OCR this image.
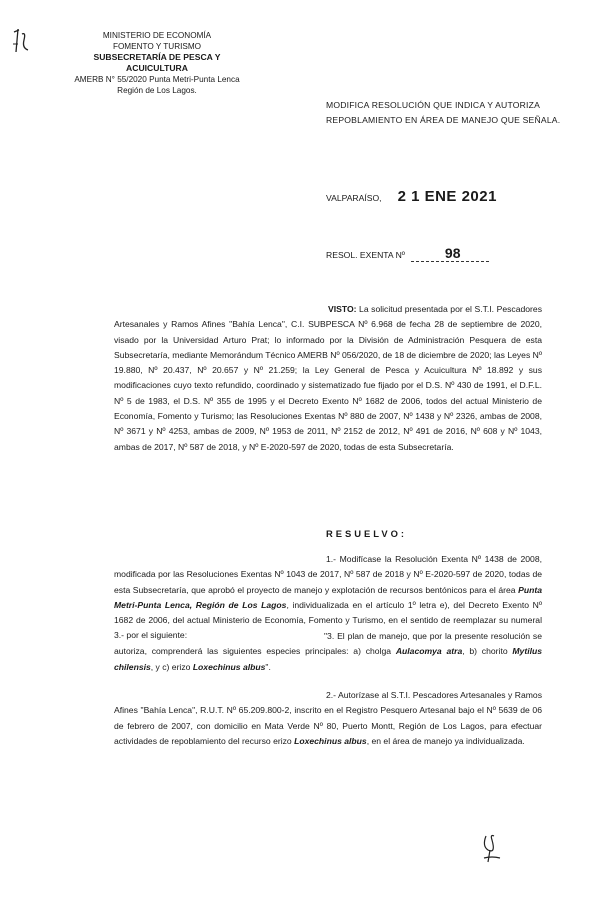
MINISTERIO DE ECONOMÍA
FOMENTO Y TURISMO
SUBSECRETARÍA DE PESCA Y ACUICULTURA
AMERB N° 55/2020 Punta Metri-Punta Lenca
Región de Los Lagos.
MODIFICA RESOLUCIÓN QUE INDICA Y AUTORIZA REPOBLAMIENTO EN ÁREA DE MANEJO QUE SEÑALA.
VALPARAÍSO, 2 1 ENE 2021
RESOL. EXENTA Nº	98
VISTO: La solicitud presentada por el S.T.I. Pescadores Artesanales y Ramos Afines "Bahía Lenca", C.I. SUBPESCA Nº 6.968 de fecha 28 de septiembre de 2020, visado por la Universidad Arturo Prat; lo informado por la División de Administración Pesquera de esta Subsecretaría, mediante Memorándum Técnico AMERB Nº 056/2020, de 18 de diciembre de 2020; las Leyes Nº 19.880, Nº 20.437, Nº 20.657 y Nº 21.259; la Ley General de Pesca y Acuicultura Nº 18.892 y sus modificaciones cuyo texto refundido, coordinado y sistematizado fue fijado por el D.S. Nº 430 de 1991, el D.F.L. Nº 5 de 1983, el D.S. Nº 355 de 1995 y el Decreto Exento Nº 1682 de 2006, todos del actual Ministerio de Economía, Fomento y Turismo; las Resoluciones Exentas Nº 880 de 2007, Nº 1438 y Nº 2326, ambas de 2008, Nº 3671 y Nº 4253, ambas de 2009, Nº 1953 de 2011, Nº 2152 de 2012, Nº 491 de 2016, Nº 608 y Nº 1043, ambas de 2017, Nº 587 de 2018, y Nº E-2020-597 de 2020, todas de esta Subsecretaría.
RESUELVO:
1.- Modifícase la Resolución Exenta Nº 1438 de 2008, modificada por las Resoluciones Exentas Nº 1043 de 2017, Nº 587 de 2018 y Nº E-2020-597 de 2020, todas de esta Subsecretaría, que aprobó el proyecto de manejo y explotación de recursos bentónicos para el área Punta Metri-Punta Lenca, Región de Los Lagos, individualizada en el artículo 1º letra e), del Decreto Exento Nº 1682 de 2006, del actual Ministerio de Economía, Fomento y Turismo, en el sentido de reemplazar su numeral 3.- por el siguiente:	"3. El plan de manejo, que por la presente resolución se autoriza, comprenderá las siguientes especies principales: a) cholga Aulacomya atra, b) chorito Mytilus chilensis, y c) erizo Loxechinus albus".
2.- Autorízase al S.T.I. Pescadores Artesanales y Ramos Afines "Bahía Lenca", R.U.T. Nº 65.209.800-2, inscrito en el Registro Pesquero Artesanal bajo el Nº 5639 de 06 de febrero de 2007, con domicilio en Mata Verde Nº 80, Puerto Montt, Región de Los Lagos, para efectuar actividades de repoblamiento del recurso erizo Loxechinus albus, en el área de manejo ya individualizada.
